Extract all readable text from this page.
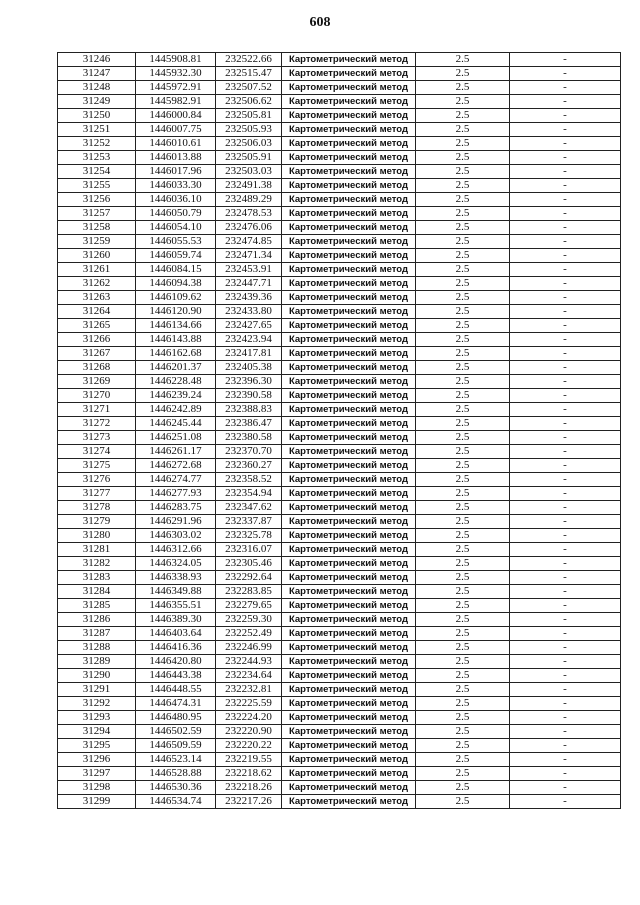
608
31246	1445908.81	232522.66	Картометрический метод	2.5	-
31247	1445932.30	232515.47	Картометрический метод	2.5	-
31248	1445972.91	232507.52	Картометрический метод	2.5	-
31249	1445982.91	232506.62	Картометрический метод	2.5	-
31250	1446000.84	232505.81	Картометрический метод	2.5	-
31251	1446007.75	232505.93	Картометрический метод	2.5	-
31252	1446010.61	232506.03	Картометрический метод	2.5	-
31253	1446013.88	232505.91	Картометрический метод	2.5	-
31254	1446017.96	232503.03	Картометрический метод	2.5	-
31255	1446033.30	232491.38	Картометрический метод	2.5	-
31256	1446036.10	232489.29	Картометрический метод	2.5	-
31257	1446050.79	232478.53	Картометрический метод	2.5	-
31258	1446054.10	232476.06	Картометрический метод	2.5	-
31259	1446055.53	232474.85	Картометрический метод	2.5	-
31260	1446059.74	232471.34	Картометрический метод	2.5	-
31261	1446084.15	232453.91	Картометрический метод	2.5	-
31262	1446094.38	232447.71	Картометрический метод	2.5	-
31263	1446109.62	232439.36	Картометрический метод	2.5	-
31264	1446120.90	232433.80	Картометрический метод	2.5	-
31265	1446134.66	232427.65	Картометрический метод	2.5	-
31266	1446143.88	232423.94	Картометрический метод	2.5	-
31267	1446162.68	232417.81	Картометрический метод	2.5	-
31268	1446201.37	232405.38	Картометрический метод	2.5	-
31269	1446228.48	232396.30	Картометрический метод	2.5	-
31270	1446239.24	232390.58	Картометрический метод	2.5	-
31271	1446242.89	232388.83	Картометрический метод	2.5	-
31272	1446245.44	232386.47	Картометрический метод	2.5	-
31273	1446251.08	232380.58	Картометрический метод	2.5	-
31274	1446261.17	232370.70	Картометрический метод	2.5	-
31275	1446272.68	232360.27	Картометрический метод	2.5	-
31276	1446274.77	232358.52	Картометрический метод	2.5	-
31277	1446277.93	232354.94	Картометрический метод	2.5	-
31278	1446283.75	232347.62	Картометрический метод	2.5	-
31279	1446291.96	232337.87	Картометрический метод	2.5	-
31280	1446303.02	232325.78	Картометрический метод	2.5	-
31281	1446312.66	232316.07	Картометрический метод	2.5	-
31282	1446324.05	232305.46	Картометрический метод	2.5	-
31283	1446338.93	232292.64	Картометрический метод	2.5	-
31284	1446349.88	232283.85	Картометрический метод	2.5	-
31285	1446355.51	232279.65	Картометрический метод	2.5	-
31286	1446389.30	232259.30	Картометрический метод	2.5	-
31287	1446403.64	232252.49	Картометрический метод	2.5	-
31288	1446416.36	232246.99	Картометрический метод	2.5	-
31289	1446420.80	232244.93	Картометрический метод	2.5	-
31290	1446443.38	232234.64	Картометрический метод	2.5	-
31291	1446448.55	232232.81	Картометрический метод	2.5	-
31292	1446474.31	232225.59	Картометрический метод	2.5	-
31293	1446480.95	232224.20	Картометрический метод	2.5	-
31294	1446502.59	232220.90	Картометрический метод	2.5	-
31295	1446509.59	232220.22	Картометрический метод	2.5	-
31296	1446523.14	232219.55	Картометрический метод	2.5	-
31297	1446528.88	232218.62	Картометрический метод	2.5	-
31298	1446530.36	232218.26	Картометрический метод	2.5	-
31299	1446534.74	232217.26	Картометрический метод	2.5	-
